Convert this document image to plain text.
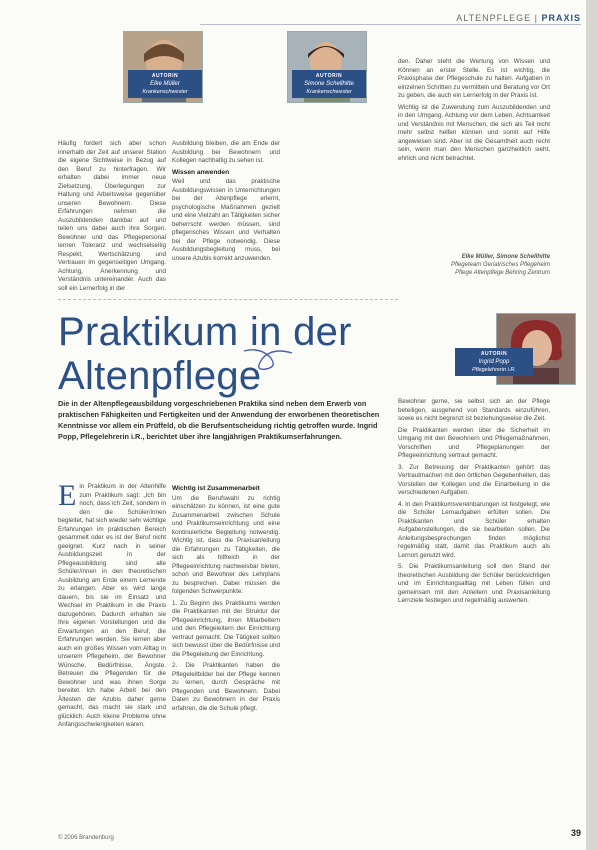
ALTENPFLEGE | PRAXIS
AUTORIN
Elke Müller
Krankenschwester
AUTORIN
Simone Schellhitte
Krankenschwester

Häufig fordert sich aber schon innerhalb der Zeit auf unserer Station die eigene Sichtweise in Bezug auf den Beruf zu hinterfragen. Wir erhalten dabei immer neue Zielsetzung, Überlegungen zur Haltung und Arbeitsweise gegenüber unseren Bewohnern. Diese Erfahrungen nehmen die Auszubildenden dankbar auf und teilen uns dabei auch ihre Sorgen. Bewohner und das Pflegepersonal lernen Toleranz und wechselseitig Respekt, Wertschätzung und Vertrauen im gegenseitigen Umgang. Achtung, Anerkennung und Verständnis untereinander. Auch das soll ein Lernerfolg in der

Ausbildung bleiben, die am Ende der Ausbildung bei Bewohnern und Kollegen nachhaltig zu sehen ist.

Wissen anwenden

Weil und das praktische Ausbildungswissen in Unterrichtungen bei der Altenpflege erlernt, psychologische Maßnahmen gezielt und eine Vielzahl an Tätigkeiten sicher beherrscht werden müssen, sind pflegerisches Wissen und Verhalten bei der Pflege notwendig. Diese Ausbildungsbegleitung muss, bei unsere Azubis korrekt anzuwenden.

den. Daher steht die Wertung von Wissen und Können an erster Stelle. Es ist wichtig, die Praxisphase der Pflegeschule zu halten. Aufgaben in einzelnen Schritten zu vermitteln und Beratung vor Ort zu geben, die auch ein Lernerfolg in der Praxis ist.

Wichtig ist die Zuwendung zum Auszubildenden und in den Umgang, Achtung vor dem Leben, Achtsamkeit und Verständnis mit Menschen, die sich als Teil nicht mehr selbst helfen können und somit auf Hilfe angewiesen sind. Aber ist die Gesamtheit auch recht sein, wenn man den Menschen ganzheitlich sieht, ehrlich und nicht betrachtet.

Elke Müller, Simone Schellhitte
Pflegeteam Geriatrisches Pflegeheim
Pflege Altenpflege Behring Zentrum
Praktikum in der
Altenpflege	AUTORIN
Ingrid Popp
Pflegelehrerin i.R.
Die in der Altenpflegeausbildung vorgeschriebenen Praktika sind neben dem Erwerb von praktischen Fähigkeiten und Fertigkeiten und der Anwendung der erworbenen theoretischen Kenntnisse vor allem ein Prüffeld, ob die Berufsentscheidung richtig getroffen wurde. Ingrid Popp, Pflegelehrerin i.R., berichtet über ihre langjährigen Praktikumserfahrungen.

Ein Praktikum in der Altenhilfe zum Praktikum sagt: „Ich bin noch, dass ich Zeit, sondern in den die Schüler/innen begleitet, hat sich wieder sehr wichtige Erfahrungen im praktischen Bereich gesammelt oder es ist der Beruf nicht geeignet. Kurz nach in seiner Ausbildungszeit in der Pflegeausbildung sind alle Schüler/innen in den theoretischen Ausbildung am Ende einem Lernende zu erlangen. Aber es wird lange dauern, bis sie im Einsatz und Wechsel im Praktikum in die Praxis dazugehören. Dadurch erhalten sie Ihre eigenen Vorstellungen und die Erwartungen an den Beruf, die Erfahrungen werden. Sie lernen aber auch ein großes Wissen vom Alltag in unserem Pflegeheim, der Bewohner Wünsche, Bedürfnisse, Ängste. Betreuen die Pflegenden für die Bewohner und was ihnen Sorge bereitet. Ich habe Arbeit bei den Ältesten der Azubis daher gerne gemacht, das macht sie stark und glücklich. Auch kleine Probleme ohne Anfangsschwierigkeiten waren.

Wichtig ist Zusammenarbeit

Um die Berufswahl zu richtig einschätzen zu können, ist eine gute Zusammenarbeit zwischen Schule und Praktikumseinrichtung und eine kontinuierliche Begleitung notwendig. Wichtig ist, dass die Praxisanleitung die Erfahrungen zu Tätigkeiten, die sich als hilfreich in der Pflegeeinrichtung nachweisbar bieten, schon und Bewohner des Lehrplans zu besprechen. Dabei müssen die folgenden Schwerpunkte:

1. Zu Beginn des Praktikums werden die Praktikanten mit der Struktur der Pflegeeinrichtung, ihren Mitarbeitern und den Pflegeleitern der Einrichtung vertraut gemacht. Die Tätigkeit sollten sich bewusst über die Bedürfnisse und die Pflegeleitung der Einrichtung.

2. Die Praktikanten haben die Pflegeleitbilder bei der Pflege kennen zu lernen, durch Gespräche mit Pflegenden und Bewohnern. Dabei Daten zu Bewohnern in der Praxis erfahren, die die Schule pflegt.

Bewohner gerne, sie selbst sich an der Pflege beteiligen, ausgehend von Standards einzuführen, sowie es nicht begrenzt ist beziehungsweise die Zeit.

Die Praktikanten werden über die Sicherheit im Umgang mit den Bewohnern und Pflegemaßnahmen, Vorschriften und Pflegeplanungen der Pflegeeinrichtung vertraut gemacht.

3. Zur Betreuung der Praktikanten gehört das Vertrautmachen mit den örtlichen Gegebenheiten, das Vorstellen der Kollegen und die Einarbeitung in die verschiedenen Aufgaben.

4. In den Praktikumsvereinbarungen ist festgelegt, wie die Schüler Lernaufgaben erfüllen sollen. Die Praktikanten und Schüler erhalten Aufgabenstellungen, die sie bearbeiten sollen. Die Anleitungsbesprechungen finden möglichst regelmäßig statt, damit das Praktikum auch als Lernort genutzt wird.

5. Die Praktikumsanleitung soll den Stand der theoretischen Ausbildung der Schüler berücksichtigen und im Einrichtungsalltag mit Leben füllen und gemeinsam mit den Anleitern und Praxisanleitung Lernziele festlegen und regelmäßig auswerten.

© 2006 Brandenburg	39
